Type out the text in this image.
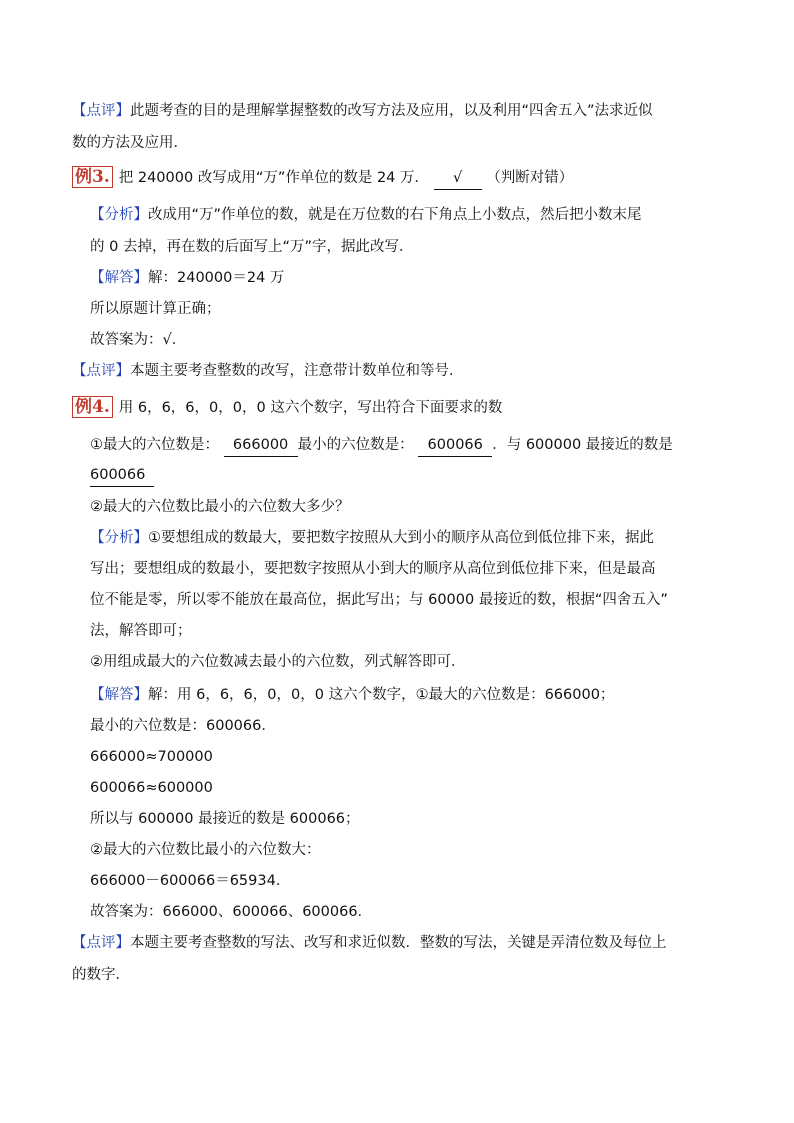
【点评】此题考查的目的是理解掌握整数的改写方法及应用，以及利用“四舍五入”法求近似
数的方法及应用．
例3. 把 240000 改写成用“万”作单位的数是 24 万． √ （判断对错）
【分析】改成用“万”作单位的数，就是在万位数的右下角点上小数点，然后把小数末尾
的 0 去掉，再在数的后面写上“万”字，据此改写．
【解答】解：240000＝24 万
所以原题计算正确；
故答案为：√．
【点评】本题主要考查整数的改写，注意带计数单位和等号．
例4. 用 6，6，6，0，0，0 这六个数字，写出符合下面要求的数
①最大的六位数是： 666000 最小的六位数是： 600066 ．与 600000 最接近的数是
600066
②最大的六位数比最小的六位数大多少？
【分析】①要想组成的数最大，要把数字按照从大到小的顺序从高位到低位排下来，据此
写出；要想组成的数最小，要把数字按照从小到大的顺序从高位到低位排下来，但是最高
位不能是零，所以零不能放在最高位，据此写出；与 60000 最接近的数，根据“四舍五入”
法，解答即可；
②用组成最大的六位数减去最小的六位数，列式解答即可．
【解答】解：用 6，6，6，0，0，0 这六个数字，①最大的六位数是：666000；
最小的六位数是：600066．
666000≈700000
600066≈600000
所以与 600000 最接近的数是 600066；
②最大的六位数比最小的六位数大：
666000－600066＝65934．
故答案为：666000、600066、600066．
【点评】本题主要考查整数的写法、改写和求近似数．整数的写法，关键是弄清位数及每位上
的数字．
